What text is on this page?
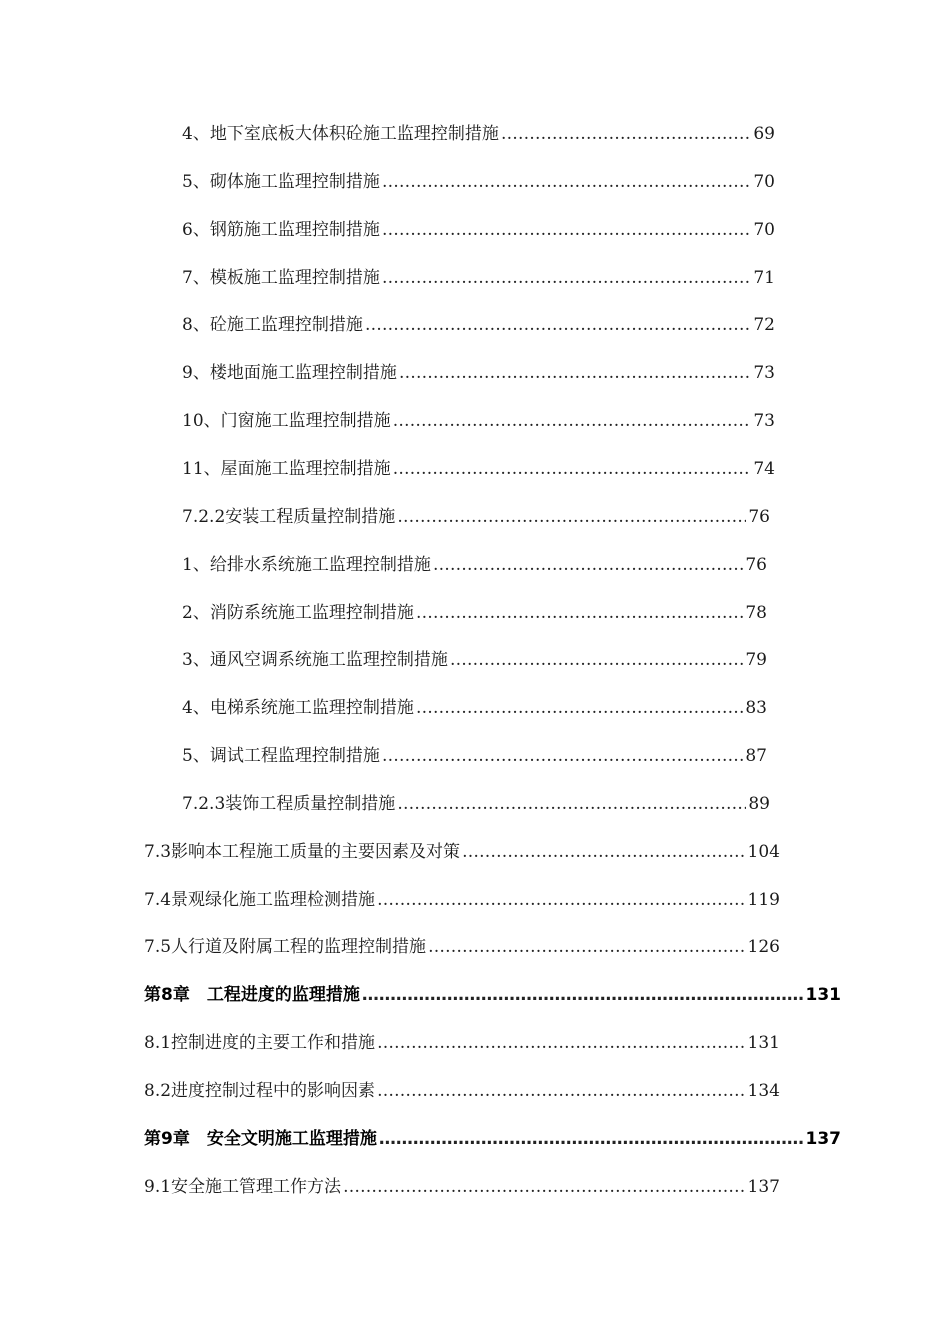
4、地下室底板大体积砼施工监理控制措施 ……………………………………………………………………………………………………………………………………………………………………………………	69
5、砌体施工监理控制措施 ……………………………………………………………………………………………………………………………………………………………………………………	70
6、钢筋施工监理控制措施 ……………………………………………………………………………………………………………………………………………………………………………………	70
7、模板施工监理控制措施 ……………………………………………………………………………………………………………………………………………………………………………………	71
8、砼施工监理控制措施 ……………………………………………………………………………………………………………………………………………………………………………………	72
9、楼地面施工监理控制措施 ……………………………………………………………………………………………………………………………………………………………………………………	73
10、门窗施工监理控制措施 ……………………………………………………………………………………………………………………………………………………………………………………	73
11、屋面施工监理控制措施 ……………………………………………………………………………………………………………………………………………………………………………………	74
7.2.2安装工程质量控制措施 ……………………………………………………………………………………………………………………………………………………………………………………	76
1、给排水系统施工监理控制措施 ……………………………………………………………………………………………………………………………………………………………………………………	76
2、消防系统施工监理控制措施 ……………………………………………………………………………………………………………………………………………………………………………………	78
3、通风空调系统施工监理控制措施 ……………………………………………………………………………………………………………………………………………………………………………………	79
4、电梯系统施工监理控制措施 ……………………………………………………………………………………………………………………………………………………………………………………	83
5、调试工程监理控制措施 ……………………………………………………………………………………………………………………………………………………………………………………	87
7.2.3装饰工程质量控制措施 ……………………………………………………………………………………………………………………………………………………………………………………	89
7.3影响本工程施工质量的主要因素及对策 ……………………………………………………………………………………………………………………………………………………………………………………	104
7.4景观绿化施工监理检测措施 ……………………………………………………………………………………………………………………………………………………………………………………	119
7.5人行道及附属工程的监理控制措施 ……………………………………………………………………………………………………………………………………………………………………………………	126
第8章　工程进度的监理措施 ……………………………………………………………………………………………………………………………………………………………………………………	131
8.1控制进度的主要工作和措施 ……………………………………………………………………………………………………………………………………………………………………………………	131
8.2进度控制过程中的影响因素 ……………………………………………………………………………………………………………………………………………………………………………………	134
第9章　安全文明施工监理措施 ……………………………………………………………………………………………………………………………………………………………………………………	137
9.1安全施工管理工作方法 ……………………………………………………………………………………………………………………………………………………………………………………	137
